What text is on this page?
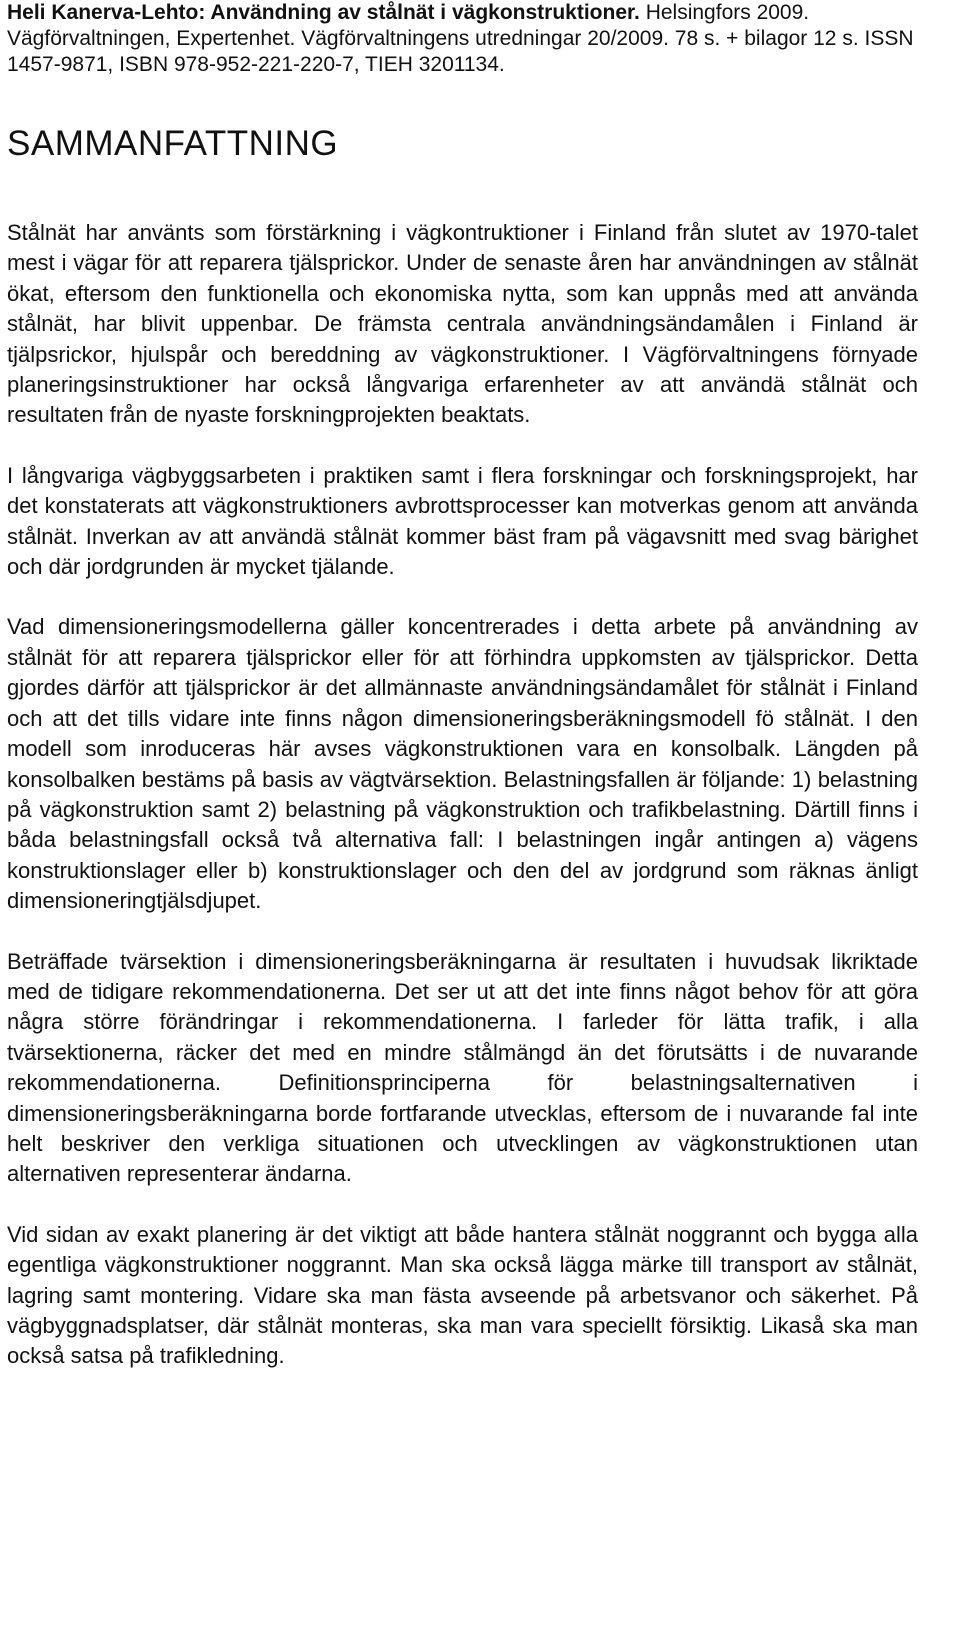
Heli Kanerva-Lehto: Användning av stålnät i vägkonstruktioner. Helsingfors 2009. Vägförvaltningen, Expertenhet. Vägförvaltningens utredningar 20/2009. 78 s. + bilagor 12 s. ISSN 1457-9871, ISBN 978-952-221-220-7, TIEH 3201134.

SAMMANFATTNING

Stålnät har använts som förstärkning i vägkontruktioner i Finland från slutet av 1970-talet mest i vägar för att reparera tjälsprickor. Under de senaste åren har användningen av stålnät ökat, eftersom den funktionella och ekonomiska nytta, som kan uppnås med att använda stålnät, har blivit uppenbar. De främsta centrala användningsändamålen i Finland är tjälpsrickor, hjulspår och bereddning av vägkonstruktioner. I Vägförvaltningens förnyade planeringsinstruktioner har också långvariga erfarenheter av att användä stålnät och resultaten från de nyaste forskningprojekten beaktats.

I långvariga vägbyggsarbeten i praktiken samt i flera forskningar och forskningsprojekt, har det konstaterats att vägkonstruktioners avbrottsprocesser kan motverkas genom att använda stålnät. Inverkan av att användä stålnät kommer bäst fram på vägavsnitt med svag bärighet och där jordgrunden är mycket tjälande.

Vad dimensioneringsmodellerna gäller koncentrerades i detta arbete på användning av stålnät för att reparera tjälsprickor eller för att förhindra uppkomsten av tjälsprickor. Detta gjordes därför att tjälsprickor är det allmännaste användningsändamålet för stålnät i Finland och att det tills vidare inte finns någon dimensioneringsberäkningsmodell fö stålnät. I den modell som inroduceras här avses vägkonstruktionen vara en konsolbalk. Längden på konsolbalken bestäms på basis av vägtvärsektion. Belastningsfallen är följande: 1) belastning på vägkonstruktion samt 2) belastning på vägkonstruktion och trafikbelastning. Därtill finns i båda belastningsfall också två alternativa fall: I belastningen ingår antingen a) vägens konstruktionslager eller b) konstruktionslager och den del av jordgrund som räknas änligt dimensioneringtjälsdjupet.

Beträffade tvärsektion i dimensioneringsberäkningarna är resultaten i huvudsak likriktade med de tidigare rekommendationerna. Det ser ut att det inte finns något behov för att göra några större förändringar i rekommendationerna. I farleder för lätta trafik, i alla tvärsektionerna, räcker det med en mindre stålmängd än det förutsätts i de nuvarande rekommendationerna. Definitionsprinciperna för belastningsalternativen i dimensioneringsberäkningarna borde fortfarande utvecklas, eftersom de i nuvarande fal inte helt beskriver den verkliga situationen och utvecklingen av vägkonstruktionen utan alternativen representerar ändarna.

Vid sidan av exakt planering är det viktigt att både hantera stålnät noggrannt och bygga alla egentliga vägkonstruktioner noggrannt. Man ska också lägga märke till transport av stålnät, lagring samt montering. Vidare ska man fästa avseende på arbetsvanor och säkerhet. På vägbyggnadsplatser, där stålnät monteras, ska man vara speciellt försiktig. Likaså ska man också satsa på trafikledning.
